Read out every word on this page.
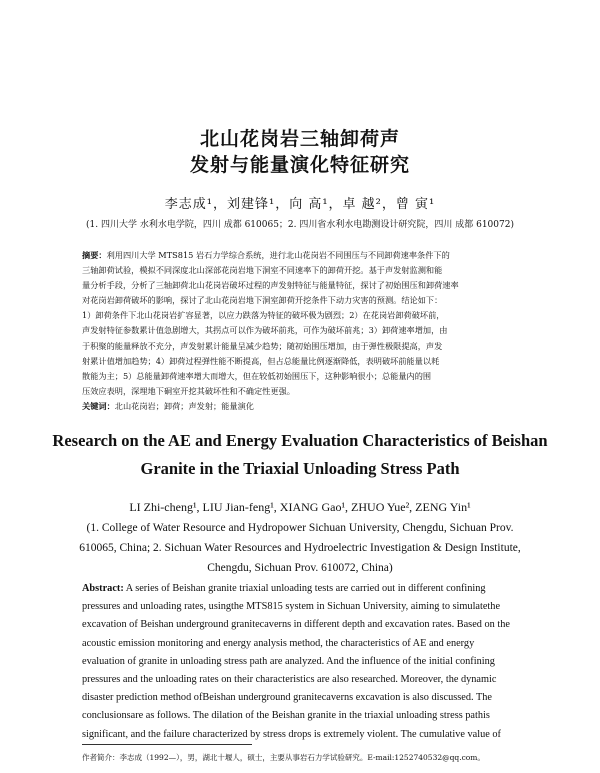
北山花岗岩三轴卸荷声
发射与能量演化特征研究
李志成¹，刘建锋¹，向 高¹，卓 越²，曾 寅¹
(1. 四川大学 水利水电学院，四川 成都 610065；2. 四川省水利水电勘测设计研究院，四川 成都 610072)

摘要：利用四川大学 MTS815 岩石力学综合系统，进行北山花岗岩不同围压与不同卸荷速率条件下的

三轴卸荷试验，模拟不同深度北山深部花岗岩地下洞室不同速率下的卸荷开挖。基于声发射监测和能

量分析手段，分析了三轴卸荷北山花岗岩破坏过程的声发射特征与能量特征，探讨了初始围压和卸荷速率

对花岗岩卸荷破坏的影响，探讨了北山花岗岩地下洞室卸荷开挖条件下动力灾害的预测。结论如下：

1）卸荷条件下北山花岗岩扩容显著，以应力跌落为特征的破坏极为剧烈；2）在花岗岩卸荷破坏前，

声发射特征参数累计值急剧增大，其拐点可以作为破坏前兆，可作为破坏前兆；3）卸荷速率增加，由

于积聚的能量释放不充分，声发射累计能量呈减少趋势；随初始围压增加，由于弹性极限提高，声发

射累计值增加趋势；4）卸荷过程弹性能不断提高，但占总能量比例逐渐降低，表明破坏前能量以耗

散能为主；5）总能量卸荷速率增大而增大，但在较低初始围压下，这种影响很小；总能量内的围

压效应表明，深埋地下硐室开挖其破坏性和不确定性更强。

关键词：北山花岗岩；卸荷；声发射；能量演化
Research on the AE and Energy Evaluation Characteristics of Beishan
Granite in the Triaxial Unloading Stress Path
LI Zhi-cheng¹, LIU Jian-feng¹, XIANG Gao¹, ZHUO Yue², ZENG Yin¹
(1. College of Water Resource and Hydropower Sichuan University, Chengdu, Sichuan Prov.
610065, China; 2. Sichuan Water Resources and Hydroelectric Investigation & Design Institute,
Chengdu, Sichuan Prov. 610072, China)

Abstract: A series of Beishan granite triaxial unloading tests are carried out in different confining

pressures and unloading rates, usingthe MTS815 system in Sichuan University, aiming to simulatethe

excavation of Beishan underground granitecaverns in different depth and excavation rates. Based on the

acoustic emission monitoring and energy analysis method, the characteristics of AE and energy

evaluation of granite in unloading stress path are analyzed. And the influence of the initial confining

pressures and the unloading rates on their characteristics are also researched. Moreover, the dynamic

disaster prediction method ofBeishan underground granitecaverns excavation is also discussed. The

conclusionsare as follows. The dilation of the Beishan granite in the triaxial unloading stress pathis

significant, and the failure characterized by stress drops is extremely violent. The cumulative value of

作者简介：李志成（1992—），男，湖北十堰人，硕士，主要从事岩石力学试验研究。E-mail:1252740532@qq.com。
